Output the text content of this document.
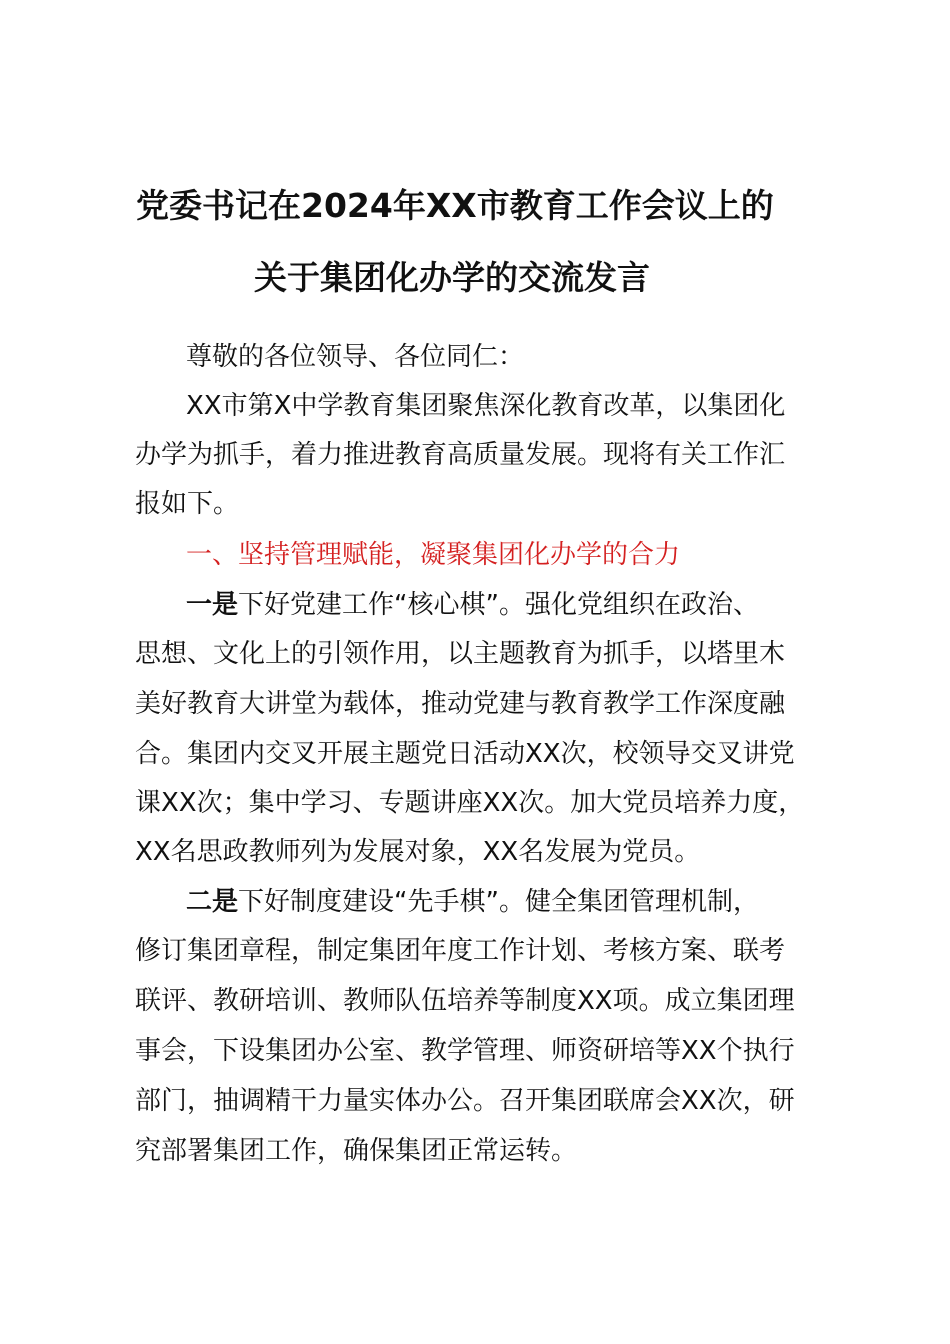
党委书记在2024年XX市教育工作会议上的
关于集团化办学的交流发言
尊敬的各位领导、各位同仁：
XX市第X中学教育集团聚焦深化教育改革，以集团化
办学为抓手，着力推进教育高质量发展。现将有关工作汇
报如下。
一、坚持管理赋能，凝聚集团化办学的合力
一是下好党建工作“核心棋”。强化党组织在政治、
思想、文化上的引领作用，以主题教育为抓手，以塔里木
美好教育大讲堂为载体，推动党建与教育教学工作深度融
合。集团内交叉开展主题党日活动XX次，校领导交叉讲党
课XX次；集中学习、专题讲座XX次。加大党员培养力度，
XX名思政教师列为发展对象，XX名发展为党员。
二是下好制度建设“先手棋”。健全集团管理机制，
修订集团章程，制定集团年度工作计划、考核方案、联考
联评、教研培训、教师队伍培养等制度XX项。成立集团理
事会，下设集团办公室、教学管理、师资研培等XX个执行
部门，抽调精干力量实体办公。召开集团联席会XX次，研
究部署集团工作，确保集团正常运转。
